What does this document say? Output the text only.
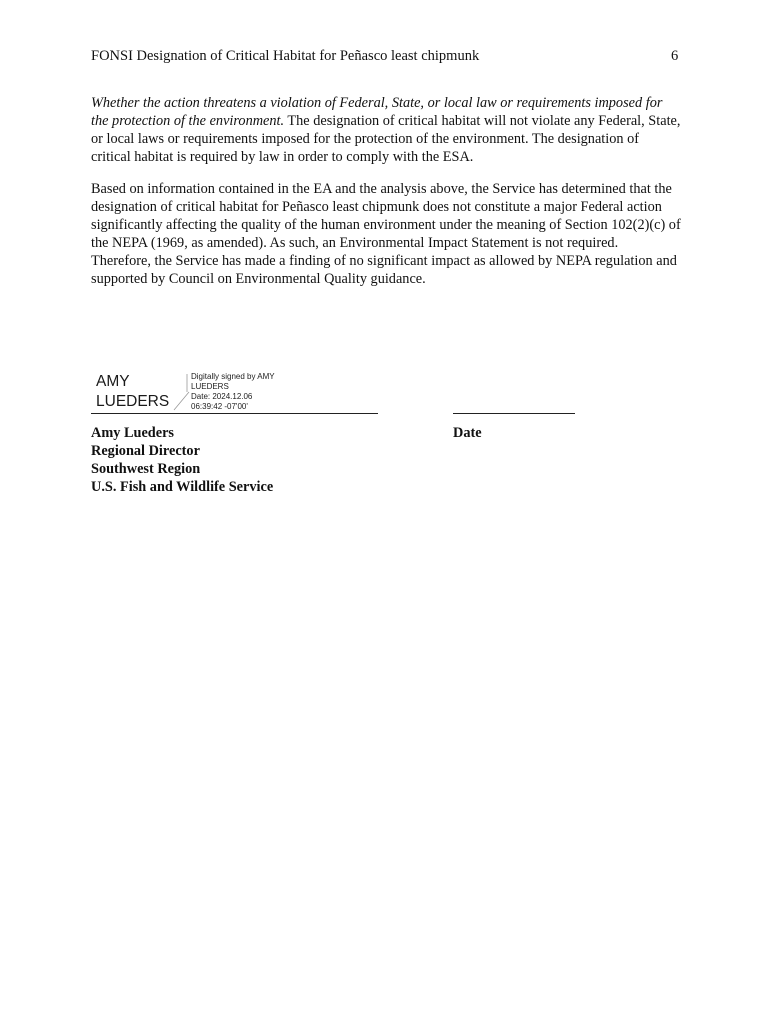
FONSI Designation of Critical Habitat for Peñasco least chipmunk	6

Whether the action threatens a violation of Federal, State, or local law or requirements imposed for the protection of the environment. The designation of critical habitat will not violate any Federal, State, or local laws or requirements imposed for the protection of the environment. The designation of critical habitat is required by law in order to comply with the ESA.

Based on information contained in the EA and the analysis above, the Service has determined that the designation of critical habitat for Peñasco least chipmunk does not constitute a major Federal action significantly affecting the quality of the human environment under the meaning of Section 102(2)(c) of the NEPA (1969, as amended). As such, an Environmental Impact Statement is not required. Therefore, the Service has made a finding of no significant impact as allowed by NEPA regulation and supported by Council on Environmental Quality guidance.

AMY
LUEDERS
Digitally signed by AMY
LUEDERS
Date: 2024.12.06
06:39:42 -07'00'
Amy Lueders
Regional Director
Southwest Region
U.S. Fish and Wildlife Service
Date
